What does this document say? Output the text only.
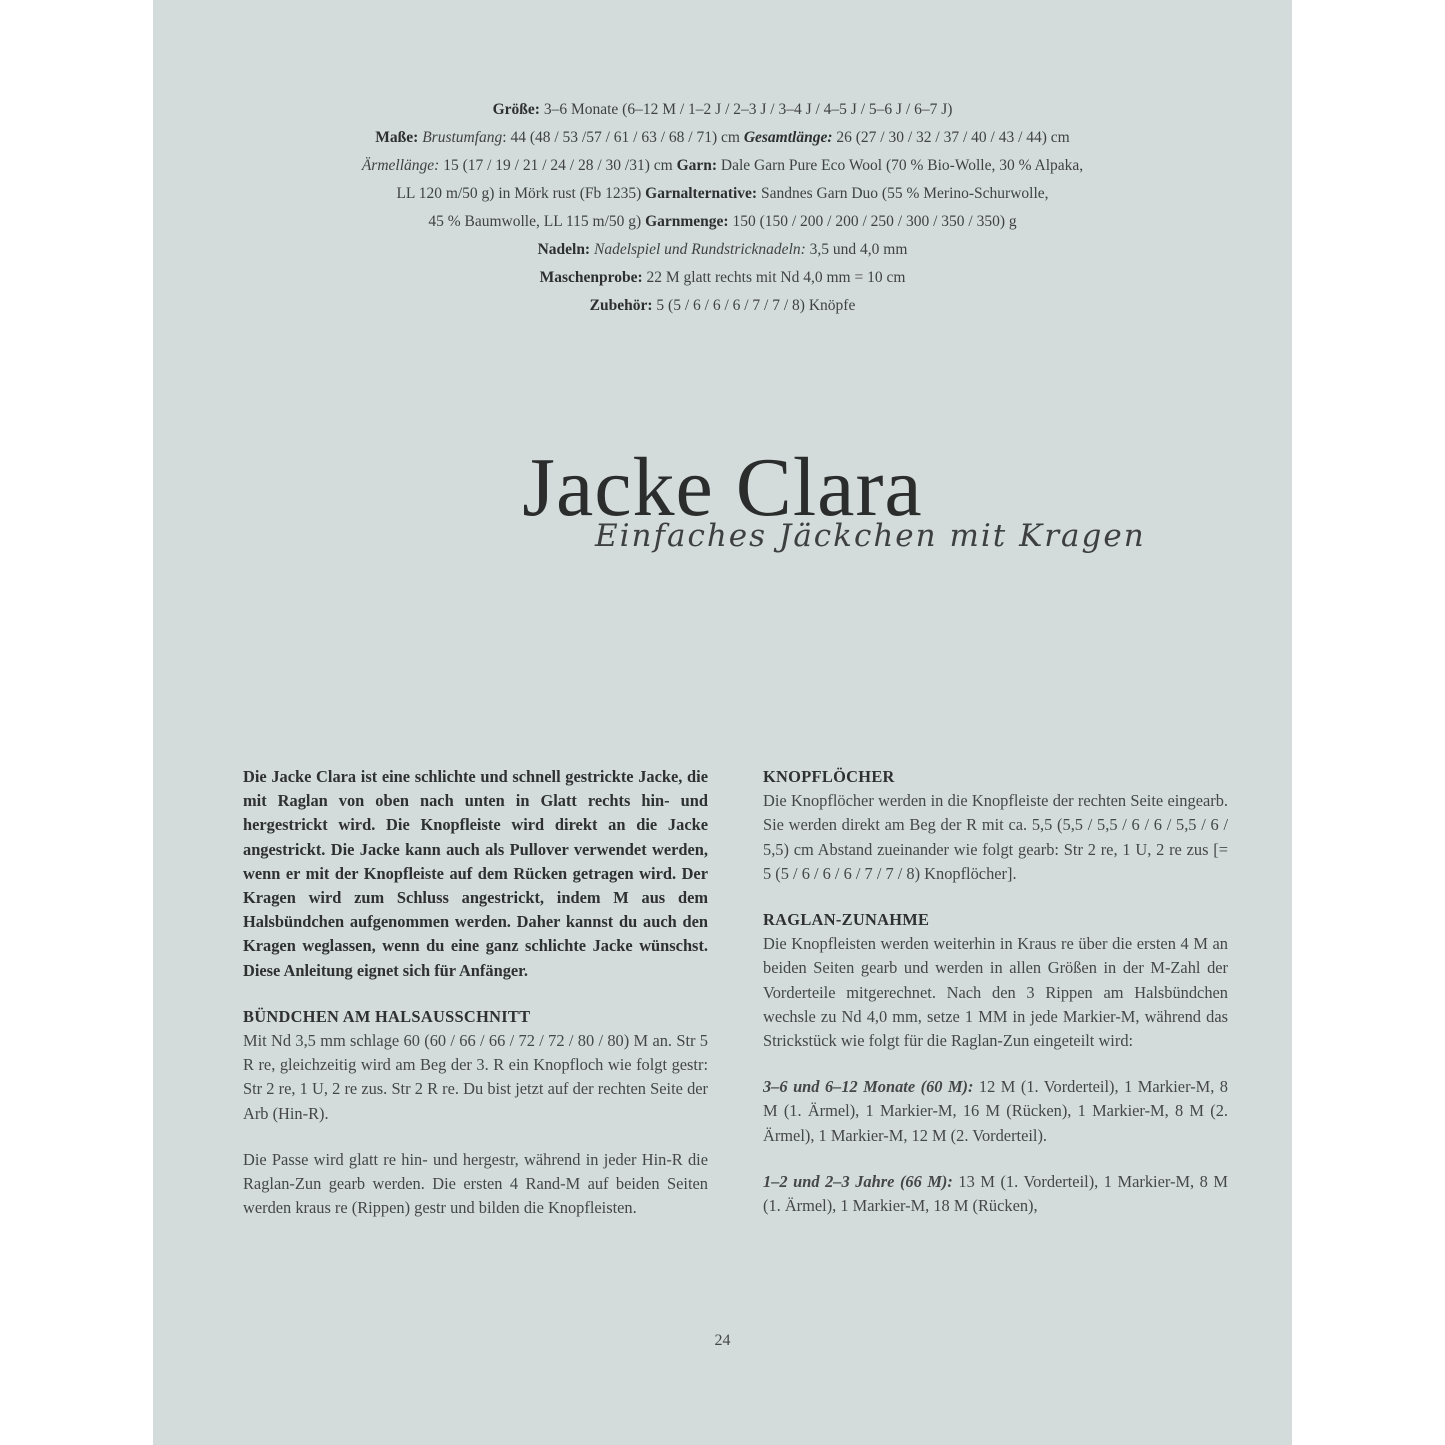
Größe: 3–6 Monate (6–12 M / 1–2 J / 2–3 J / 3–4 J / 4–5 J / 5–6 J / 6–7 J)

Maße: Brustumfang: 44 (48 / 53 /57 / 61 / 63 / 68 / 71) cm Gesamtlänge: 26 (27 / 30 / 32 / 37 / 40 / 43 / 44) cm

Ärmellänge: 15 (17 / 19 / 21 / 24 / 28 / 30 /31) cm Garn: Dale Garn Pure Eco Wool (70 % Bio-Wolle, 30 % Alpaka,

LL 120 m/50 g) in Mörk rust (Fb 1235) Garnalternative: Sandnes Garn Duo (55 % Merino-Schurwolle,

45 % Baumwolle, LL 115 m/50 g) Garnmenge: 150 (150 / 200 / 200 / 250 / 300 / 350 / 350) g

Nadeln: Nadelspiel und Rundstricknadeln: 3,5 und 4,0 mm

Maschenprobe: 22 M glatt rechts mit Nd 4,0 mm = 10 cm

Zubehör: 5 (5 / 6 / 6 / 6 / 7 / 7 / 8) Knöpfe

Jacke Clara
Einfaches Jäckchen mit Kragen

Die Jacke Clara ist eine schlichte und schnell gestrickte Jacke, die mit Raglan von oben nach unten in Glatt rechts hin- und hergestrickt wird. Die Knopfleiste wird direkt an die Jacke angestrickt. Die Jacke kann auch als Pullover verwendet werden, wenn er mit der Knopfleiste auf dem Rücken getragen wird. Der Kragen wird zum Schluss angestrickt, indem M aus dem Halsbündchen aufgenommen werden. Daher kannst du auch den Kragen weglassen, wenn du eine ganz schlichte Jacke wünschst. Diese Anleitung eignet sich für Anfänger.

BÜNDCHEN AM HALSAUSSCHNITT

Mit Nd 3,5 mm schlage 60 (60 / 66 / 66 / 72 / 72 / 80 / 80) M an. Str 5 R re, gleichzeitig wird am Beg der 3. R ein Knopfloch wie folgt gestr: Str 2 re, 1 U, 2 re zus. Str 2 R re. Du bist jetzt auf der rechten Seite der Arb (Hin-R).

Die Passe wird glatt re hin- und hergestr, während in jeder Hin-R die Raglan-Zun gearb werden. Die ersten 4 Rand-M auf beiden Seiten werden kraus re (Rippen) gestr und bilden die Knopfleisten.

KNOPFLÖCHER

Die Knopflöcher werden in die Knopfleiste der rechten Seite eingearb. Sie werden direkt am Beg der R mit ca. 5,5 (5,5 / 5,5 / 6 / 6 / 5,5 / 6 / 5,5) cm Abstand zueinander wie folgt gearb: Str 2 re, 1 U, 2 re zus [= 5 (5 / 6 / 6 / 6 / 7 / 7 / 8) Knopflöcher].

RAGLAN-ZUNAHME

Die Knopfleisten werden weiterhin in Kraus re über die ersten 4 M an beiden Seiten gearb und werden in allen Größen in der M-Zahl der Vorderteile mitgerechnet. Nach den 3 Rippen am Halsbündchen wechsle zu Nd 4,0 mm, setze 1 MM in jede Markier-M, während das Strickstück wie folgt für die Raglan-Zun eingeteilt wird:

3–6 und 6–12 Monate (60 M): 12 M (1. Vorderteil), 1 Markier-M, 8 M (1. Ärmel), 1 Markier-M, 16 M (Rücken), 1 Markier-M, 8 M (2. Ärmel), 1 Markier-M, 12 M (2. Vorderteil).

1–2 und 2–3 Jahre (66 M): 13 M (1. Vorderteil), 1 Markier-M, 8 M (1. Ärmel), 1 Markier-M, 18 M (Rücken),

24
